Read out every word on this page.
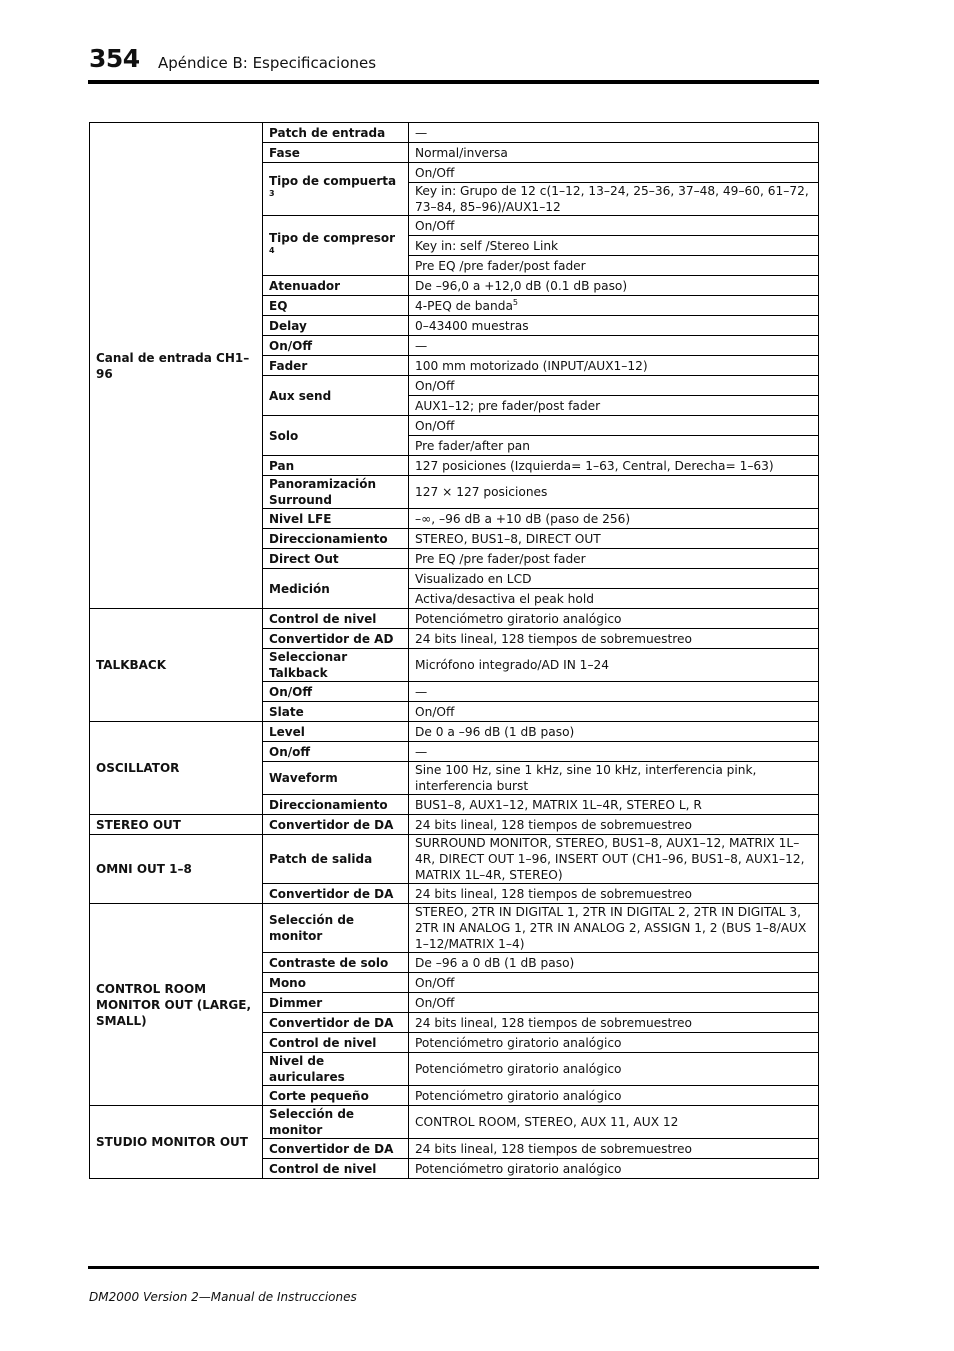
354 Apéndice B: Especificaciones
Canal de entrada CH1–96	Patch de entrada	—
	Fase	Normal/inversa
	Tipo de compuerta $^3$	On/Off
		Key in: Grupo de 12 c(1–12, 13–24, 25–36, 37–48, 49–60, 61–72, 73–84, 85–96)/AUX1–12
	Tipo de compresor $^4$	On/Off
		Key in: self /Stereo Link
		Pre EQ /pre fader/post fader
	Atenuador	De –96,0 a +12,0 dB (0.1 dB paso)
	EQ	4-PEQ de banda$^5$
	Delay	0–43400 muestras
	On/Off	—
	Fader	100 mm motorizado (INPUT/AUX1–12)
	Aux send	On/Off
		AUX1–12; pre fader/post fader
	Solo	On/Off
		Pre fader/after pan
	Pan	127 posiciones (Izquierda= 1–63, Central, Derecha= 1–63)
	Panoramización Surround	127 × 127 posiciones
	Nivel LFE	–∞, –96 dB a +10 dB (paso de 256)
	Direccionamiento	STEREO, BUS1–8, DIRECT OUT
	Direct Out	Pre EQ /pre fader/post fader
	Medición	Visualizado en LCD
		Activa/desactiva el peak hold
TALKBACK	Control de nivel	Potenciómetro giratorio analógico
	Convertidor de AD	24 bits lineal, 128 tiempos de sobremuestreo
	Seleccionar Talkback	Micrófono integrado/AD IN 1–24
	On/Off	—
	Slate	On/Off
OSCILLATOR	Level	De 0 a –96 dB (1 dB paso)
	On/off	—
	Waveform	Sine 100 Hz, sine 1 kHz, sine 10 kHz, interferencia pink, interferencia burst
	Direccionamiento	BUS1–8, AUX1–12, MATRIX 1L–4R, STEREO L, R
STEREO OUT	Convertidor de DA	24 bits lineal, 128 tiempos de sobremuestreo
OMNI OUT 1–8	Patch de salida	SURROUND MONITOR, STEREO, BUS1–8, AUX1–12, MATRIX 1L–4R, DIRECT OUT 1–96, INSERT OUT (CH1–96, BUS1–8, AUX1–12, MATRIX 1L–4R, STEREO)
	Convertidor de DA	24 bits lineal, 128 tiempos de sobremuestreo
CONTROL ROOM MONITOR OUT (LARGE, SMALL)	Selección de monitor	STEREO, 2TR IN DIGITAL 1, 2TR IN DIGITAL 2, 2TR IN DIGITAL 3, 2TR IN ANALOG 1, 2TR IN ANALOG 2, ASSIGN 1, 2 (BUS 1–8/AUX 1–12/MATRIX 1–4)
	Contraste de solo	De –96 a 0 dB (1 dB paso)
	Mono	On/Off
	Dimmer	On/Off
	Convertidor de DA	24 bits lineal, 128 tiempos de sobremuestreo
	Control de nivel	Potenciómetro giratorio analógico
	Nivel de auriculares	Potenciómetro giratorio analógico
	Corte pequeño	Potenciómetro giratorio analógico
STUDIO MONITOR OUT	Selección de monitor	CONTROL ROOM, STEREO, AUX 11, AUX 12
	Convertidor de DA	24 bits lineal, 128 tiempos de sobremuestreo
	Control de nivel	Potenciómetro giratorio analógico
DM2000 Version 2—Manual de Instrucciones
